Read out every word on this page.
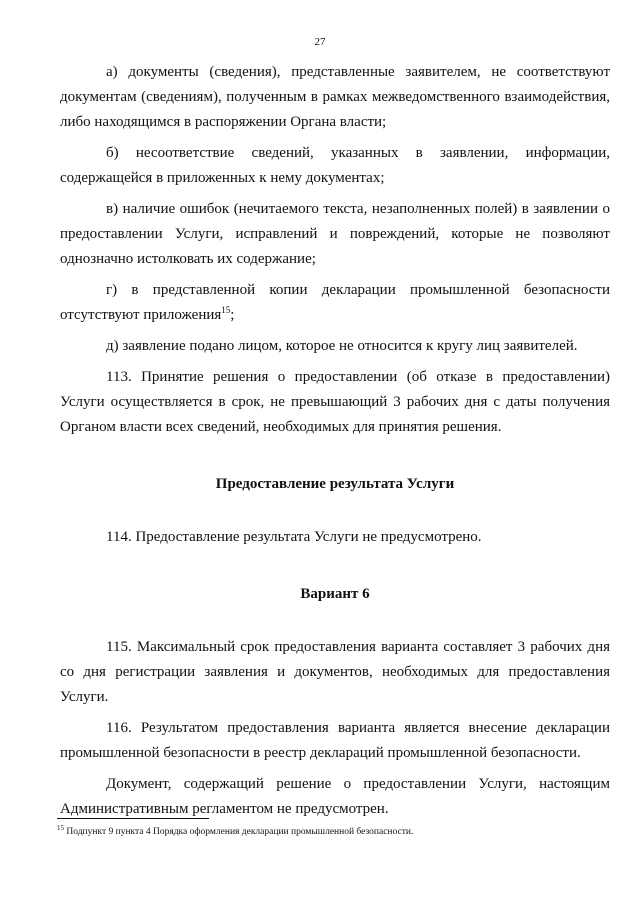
27

а) документы (сведения), представленные заявителем, не соответствуют документам (сведениям), полученным в рамках межведомственного взаимодействия, либо находящимся в распоряжении Органа власти;

б) несоответствие сведений, указанных в заявлении, информации, содержащейся в приложенных к нему документах;

в) наличие ошибок (нечитаемого текста, незаполненных полей) в заявлении о предоставлении Услуги, исправлений и повреждений, которые не позволяют однозначно истолковать их содержание;

г) в представленной копии декларации промышленной безопасности отсутствуют приложения$^{15}$;

д) заявление подано лицом, которое не относится к кругу лиц заявителей.

113. Принятие решения о предоставлении (об отказе в предоставлении) Услуги осуществляется в срок, не превышающий 3 рабочих дня с даты получения Органом власти всех сведений, необходимых для принятия решения.

Предоставление результата Услуги

114. Предоставление результата Услуги не предусмотрено.

Вариант 6

115. Максимальный срок предоставления варианта составляет 3 рабочих дня со дня регистрации заявления и документов, необходимых для предоставления Услуги.

116. Результатом предоставления варианта является внесение декларации промышленной безопасности в реестр деклараций промышленной безопасности.

Документ, содержащий решение о предоставлении Услуги, настоящим Административным регламентом не предусмотрен.

$^{15}$ Подпункт 9 пункта 4 Порядка оформления декларации промышленной безопасности.
